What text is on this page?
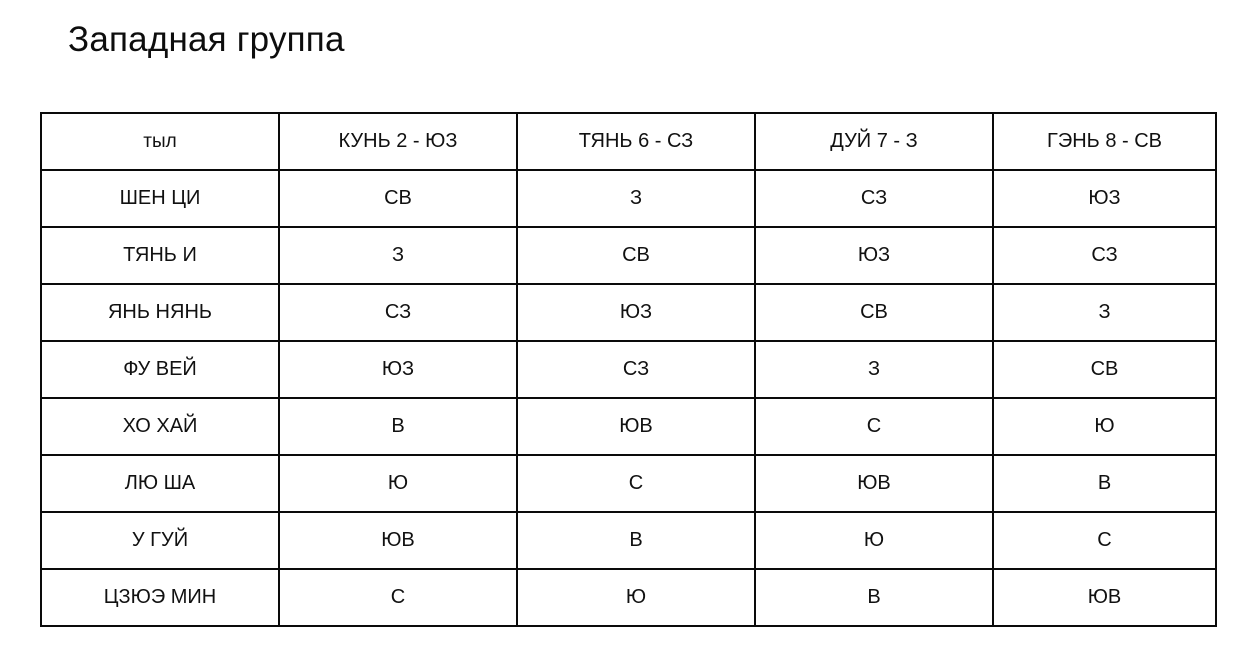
Западная группа
тыл	КУНЬ 2 - ЮЗ	ТЯНЬ 6 - СЗ	ДУЙ 7 - З	ГЭНЬ 8 - СВ
ШЕН ЦИ	СВ	З	СЗ	ЮЗ
ТЯНЬ И	З	СВ	ЮЗ	СЗ
ЯНЬ НЯНЬ	СЗ	ЮЗ	СВ	З
ФУ ВЕЙ	ЮЗ	СЗ	З	СВ
ХО ХАЙ	В	ЮВ	С	Ю
ЛЮ ША	Ю	С	ЮВ	В
У ГУЙ	ЮВ	В	Ю	С
ЦЗЮЭ МИН	С	Ю	В	ЮВ
